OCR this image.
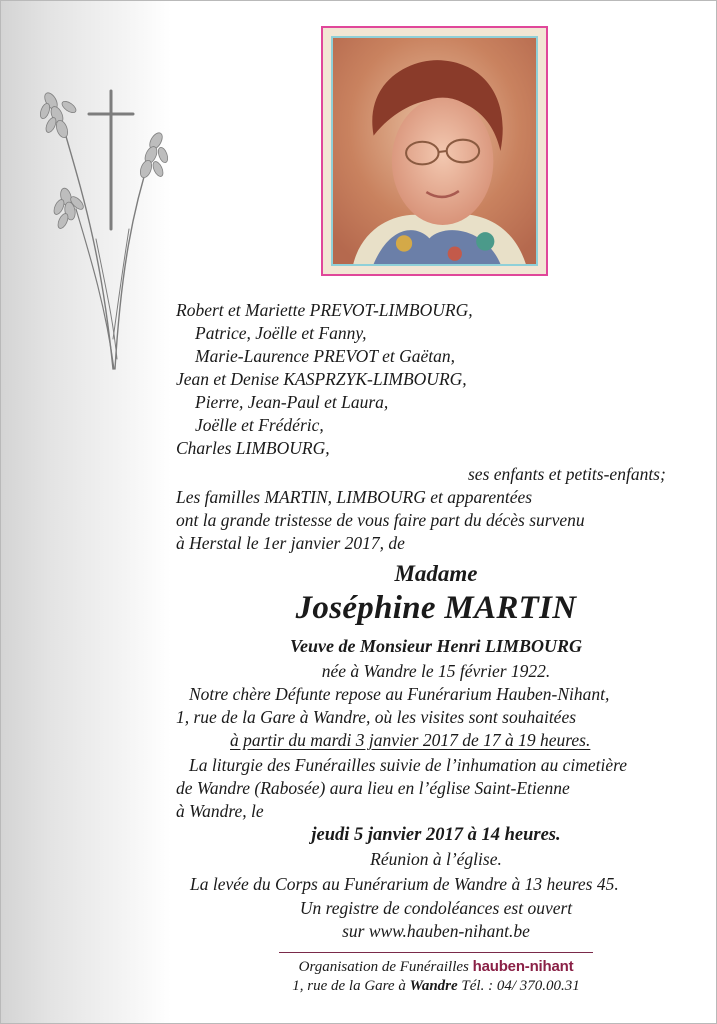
Robert et Mariette PREVOT-LIMBOURG,
Patrice, Joëlle et Fanny,
Marie-Laurence PREVOT et Gaëtan,
Jean et Denise KASPRZYK-LIMBOURG,
Pierre, Jean-Paul et Laura,
Joëlle et Frédéric,
Charles LIMBOURG,
ses enfants et petits-enfants;
Les familles MARTIN, LIMBOURG et apparentées
ont la grande tristesse de vous faire part du décès survenu
à Herstal le 1er janvier 2017, de
Madame
Joséphine MARTIN
Veuve de Monsieur Henri LIMBOURG
née à Wandre le 15 février 1922.
Notre chère Défunte repose au Funérarium Hauben-Nihant,
1, rue de la Gare à Wandre, où les visites sont souhaitées
à partir du mardi 3 janvier 2017 de 17 à 19 heures.
La liturgie des Funérailles suivie de l’inhumation au cimetière
de Wandre (Rabosée) aura lieu en l’église Saint-Etienne
à Wandre, le
jeudi 5 janvier 2017 à 14 heures.
Réunion à l’église.
La levée du Corps au Funérarium de Wandre à 13 heures 45.
Un registre de condoléances est ouvert
sur www.hauben-nihant.be
Organisation de Funérailles hauben-nihant
1, rue de la Gare à Wandre Tél. : 04/ 370.00.31
